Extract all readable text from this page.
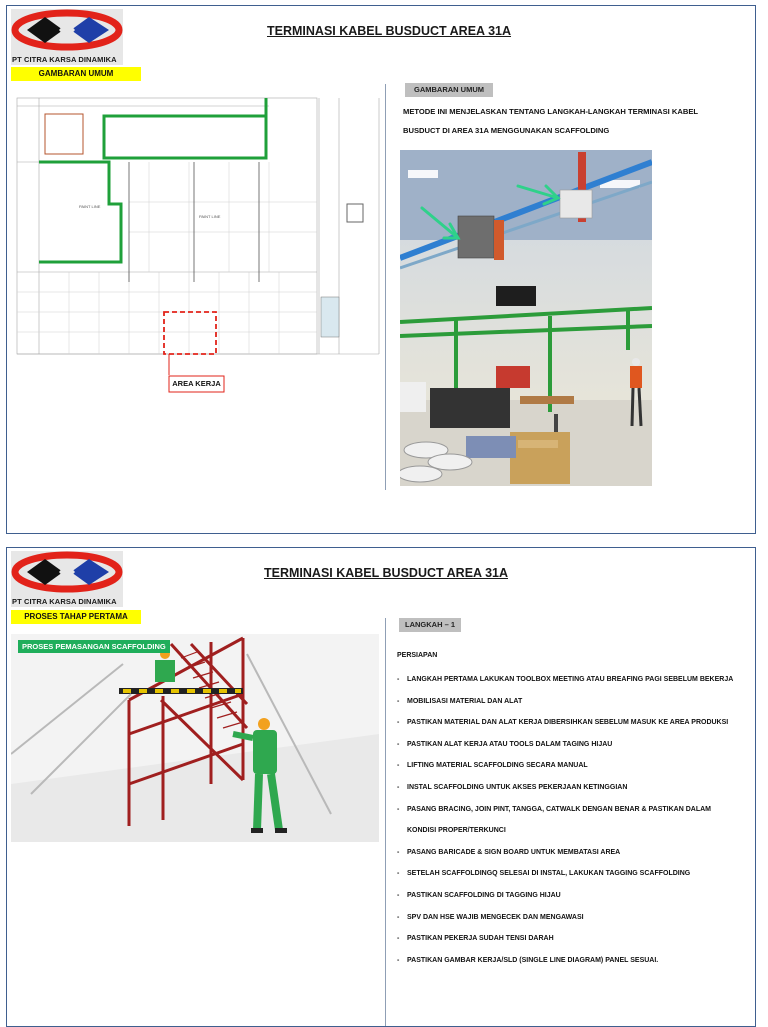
PT CITRA KARSA DINAMIKA
GAMBARAN UMUM
TERMINASI KABEL BUSDUCT AREA 31A
PAINT LINE
PAINT LINE
AREA KERJA
GAMBARAN UMUM
METODE INI MENJELASKAN TENTANG LANGKAH-LANGKAH TERMINASI KABEL
BUSDUCT DI AREA 31A MENGGUNAKAN SCAFFOLDING
PT CITRA KARSA DINAMIKA
PROSES TAHAP PERTAMA
TERMINASI KABEL BUSDUCT AREA 31A
PROSES PEMASANGAN SCAFFOLDING
LANGKAH – 1
PERSIAPAN
- LANGKAH PERTAMA LAKUKAN TOOLBOX MEETING ATAU BREAFING PAGI SEBELUM BEKERJA
- MOBILISASI MATERIAL DAN ALAT
- PASTIKAN MATERIAL DAN ALAT KERJA DIBERSIHKAN SEBELUM MASUK KE AREA PRODUKSI
- PASTIKAN ALAT KERJA ATAU TOOLS DALAM TAGING HIJAU
- LIFTING MATERIAL SCAFFOLDING SECARA MANUAL
- INSTAL SCAFFOLDING UNTUK AKSES PEKERJAAN KETINGGIAN
- PASANG BRACING, JOIN PINT, TANGGA, CATWALK DENGAN BENAR & PASTIKAN DALAM
KONDISI PROPER/TERKUNCI
- PASANG BARICADE & SIGN BOARD UNTUK MEMBATASI AREA
- SETELAH SCAFFOLDINGQ SELESAI DI INSTAL, LAKUKAN TAGGING SCAFFOLDING
- PASTIKAN SCAFFOLDING DI TAGGING HIJAU
- SPV DAN HSE WAJIB MENGECEK DAN MENGAWASI
- PASTIKAN PEKERJA SUDAH TENSI DARAH
- PASTIKAN GAMBAR KERJA/SLD (SINGLE LINE DIAGRAM) PANEL SESUAI.
